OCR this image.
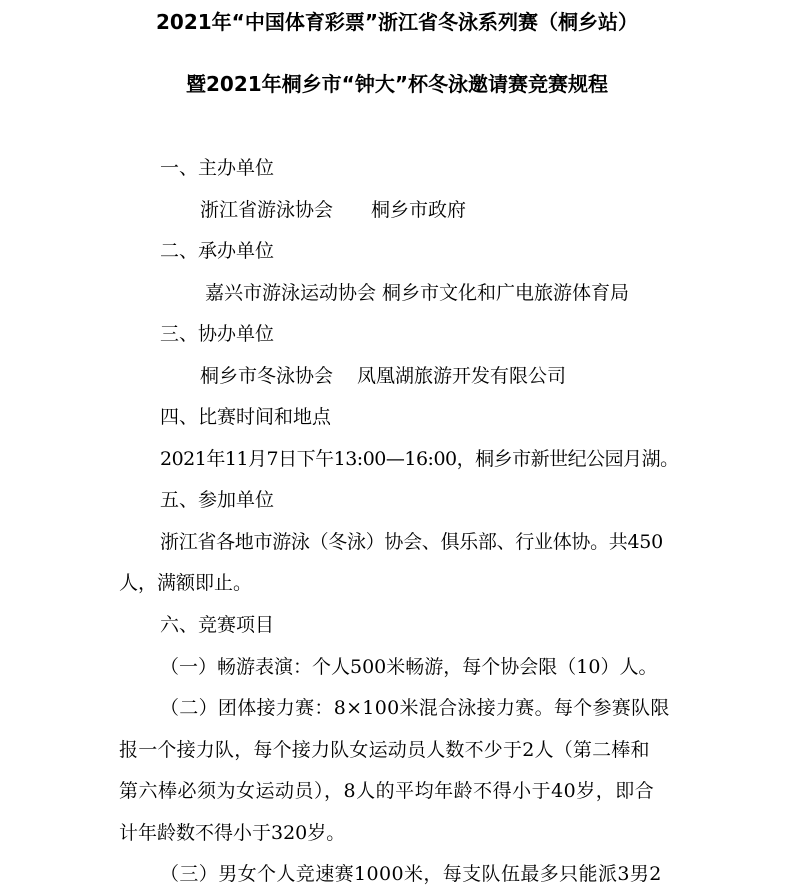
2021年“中国体育彩票”浙江省冬泳系列赛（桐乡站）
暨2021年桐乡市“钟大”杯冬泳邀请赛竞赛规程
一、主办单位
浙江省游泳协会 桐乡市政府
二、承办单位
嘉兴市游泳运动协会 桐乡市文化和广电旅游体育局
三、协办单位
桐乡市冬泳协会 凤凰湖旅游开发有限公司
四、比赛时间和地点
2021年11月7日下午13:00—16:00，桐乡市新世纪公园月湖。
五、参加单位
浙江省各地市游泳（冬泳）协会、俱乐部、行业体协。共450
人，满额即止。
六、竞赛项目
（一）畅游表演：个人500米畅游，每个协会限（10）人。
（二）团体接力赛：8×100米混合泳接力赛。每个参赛队限
报一个接力队，每个接力队女运动员人数不少于2人（第二棒和
第六棒必须为女运动员），8人的平均年龄不得小于40岁，即合
计年龄数不得小于320岁。
（三）男女个人竞速赛1000米，每支队伍最多只能派3男2
